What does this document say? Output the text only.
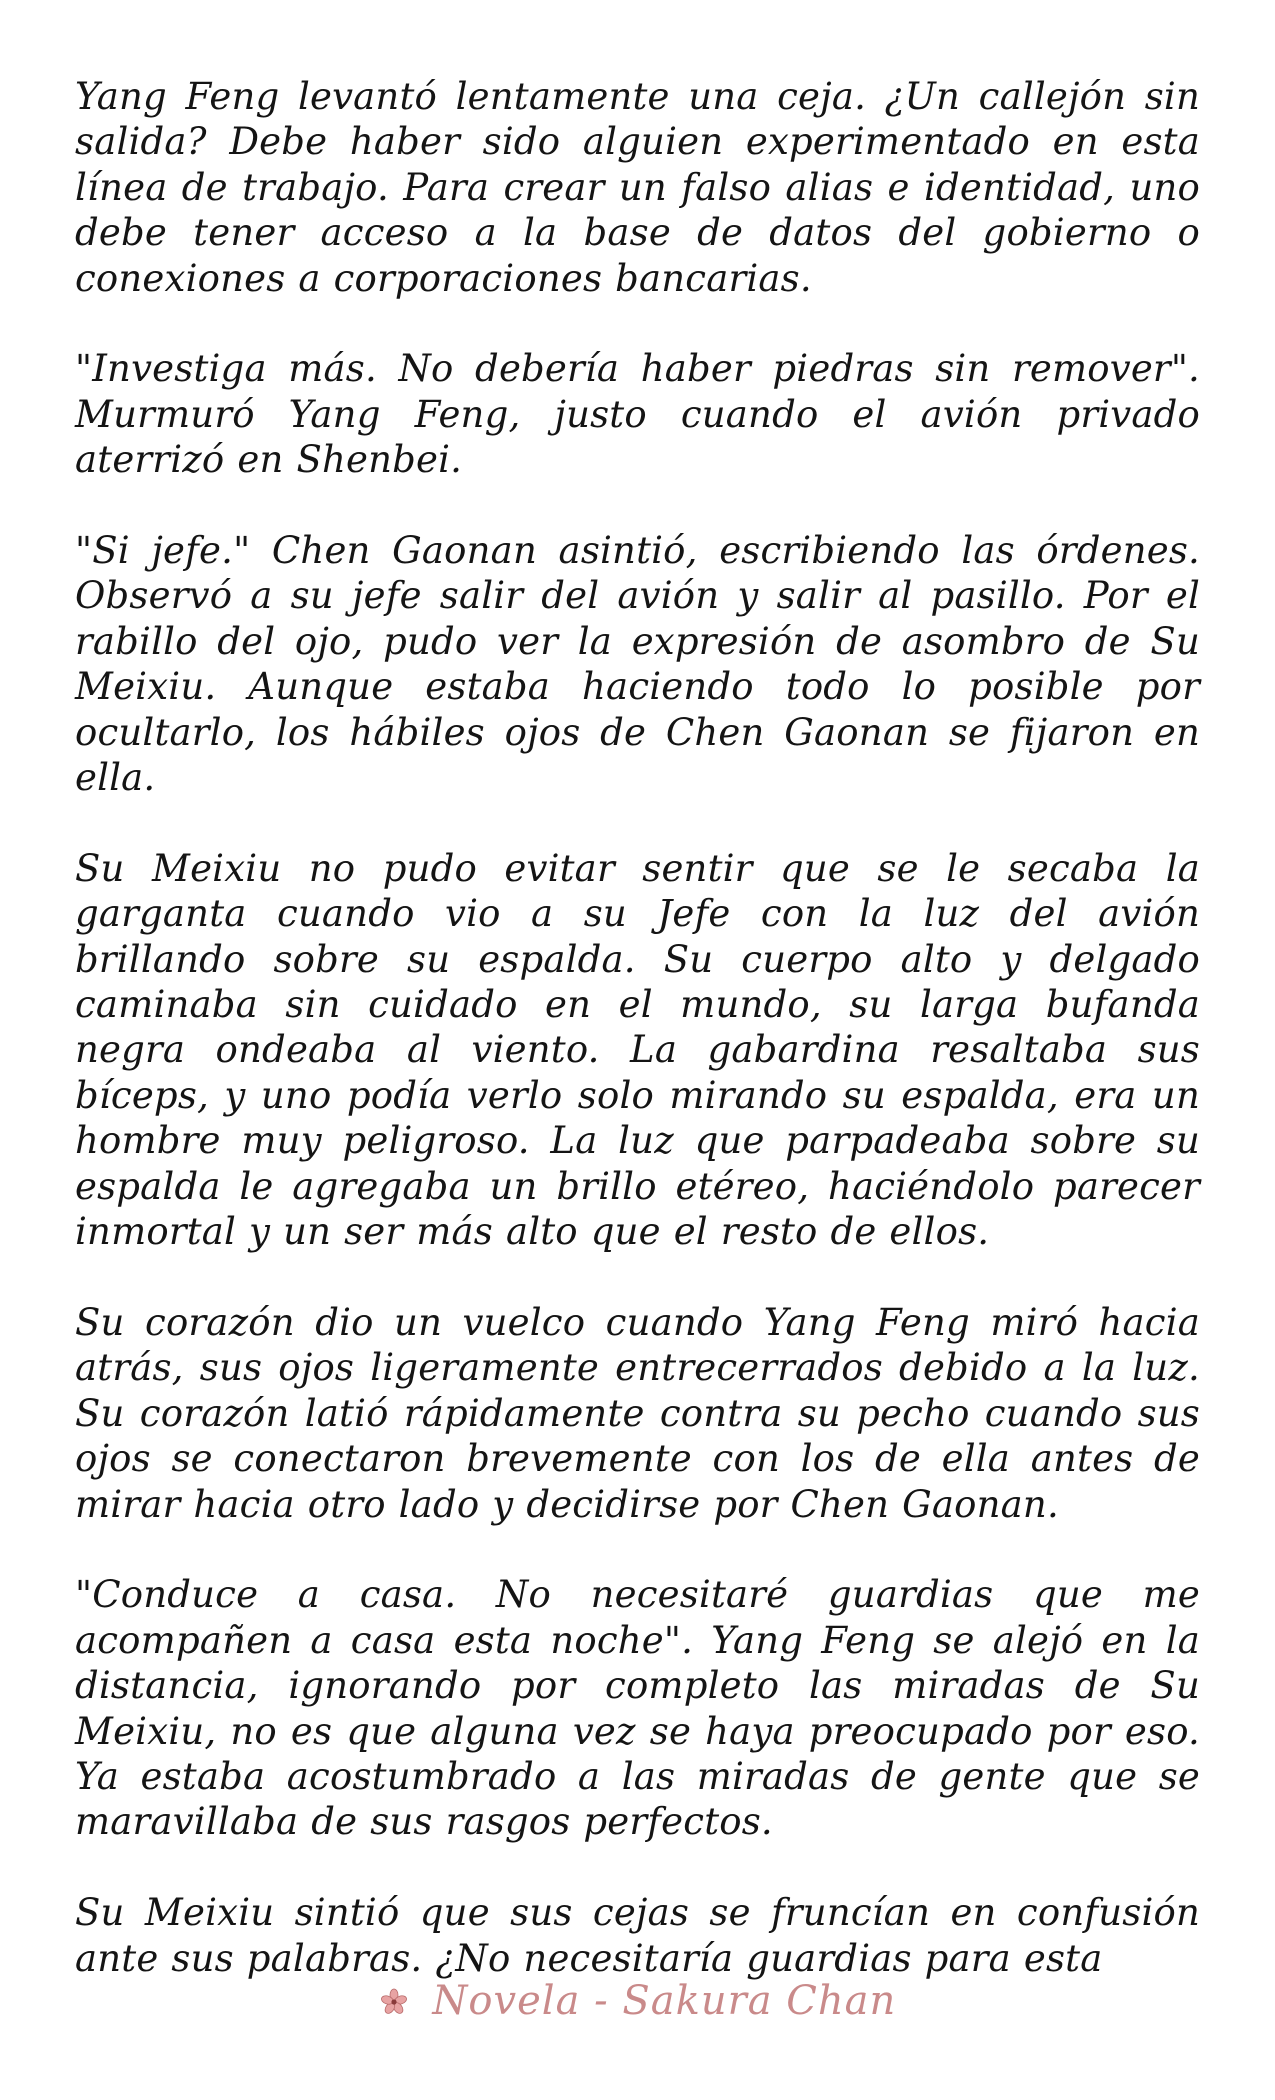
Yang Feng levantó lentamente una ceja. ¿Un callejón sin salida? Debe haber sido alguien experimentado en esta línea de trabajo. Para crear un falso alias e identidad, uno debe tener acceso a la base de datos del gobierno o conexiones a corporaciones bancarias.

"Investiga más. No debería haber piedras sin remover". Murmuró Yang Feng, justo cuando el avión privado aterrizó en Shenbei.

"Si jefe." Chen Gaonan asintió, escribiendo las órdenes. Observó a su jefe salir del avión y salir al pasillo. Por el rabillo del ojo, pudo ver la expresión de asombro de Su Meixiu. Aunque estaba haciendo todo lo posible por ocultarlo, los hábiles ojos de Chen Gaonan se fijaron en ella.

Su Meixiu no pudo evitar sentir que se le secaba la garganta cuando vio a su Jefe con la luz del avión brillando sobre su espalda. Su cuerpo alto y delgado caminaba sin cuidado en el mundo, su larga bufanda negra ondeaba al viento. La gabardina resaltaba sus bíceps, y uno podía verlo solo mirando su espalda, era un hombre muy peligroso. La luz que parpadeaba sobre su espalda le agregaba un brillo etéreo, haciéndolo parecer inmortal y un ser más alto que el resto de ellos.

Su corazón dio un vuelco cuando Yang Feng miró hacia atrás, sus ojos ligeramente entrecerrados debido a la luz. Su corazón latió rápidamente contra su pecho cuando sus ojos se conectaron brevemente con los de ella antes de mirar hacia otro lado y decidirse por Chen Gaonan.

"Conduce a casa. No necesitaré guardias que me acompañen a casa esta noche". Yang Feng se alejó en la distancia, ignorando por completo las miradas de Su Meixiu, no es que alguna vez se haya preocupado por eso. Ya estaba acostumbrado a las miradas de gente que se maravillaba de sus rasgos perfectos.

Su Meixiu sintió que sus cejas se fruncían en confusión ante sus palabras. ¿No necesitaría guardias para esta

Novela - Sakura Chan
